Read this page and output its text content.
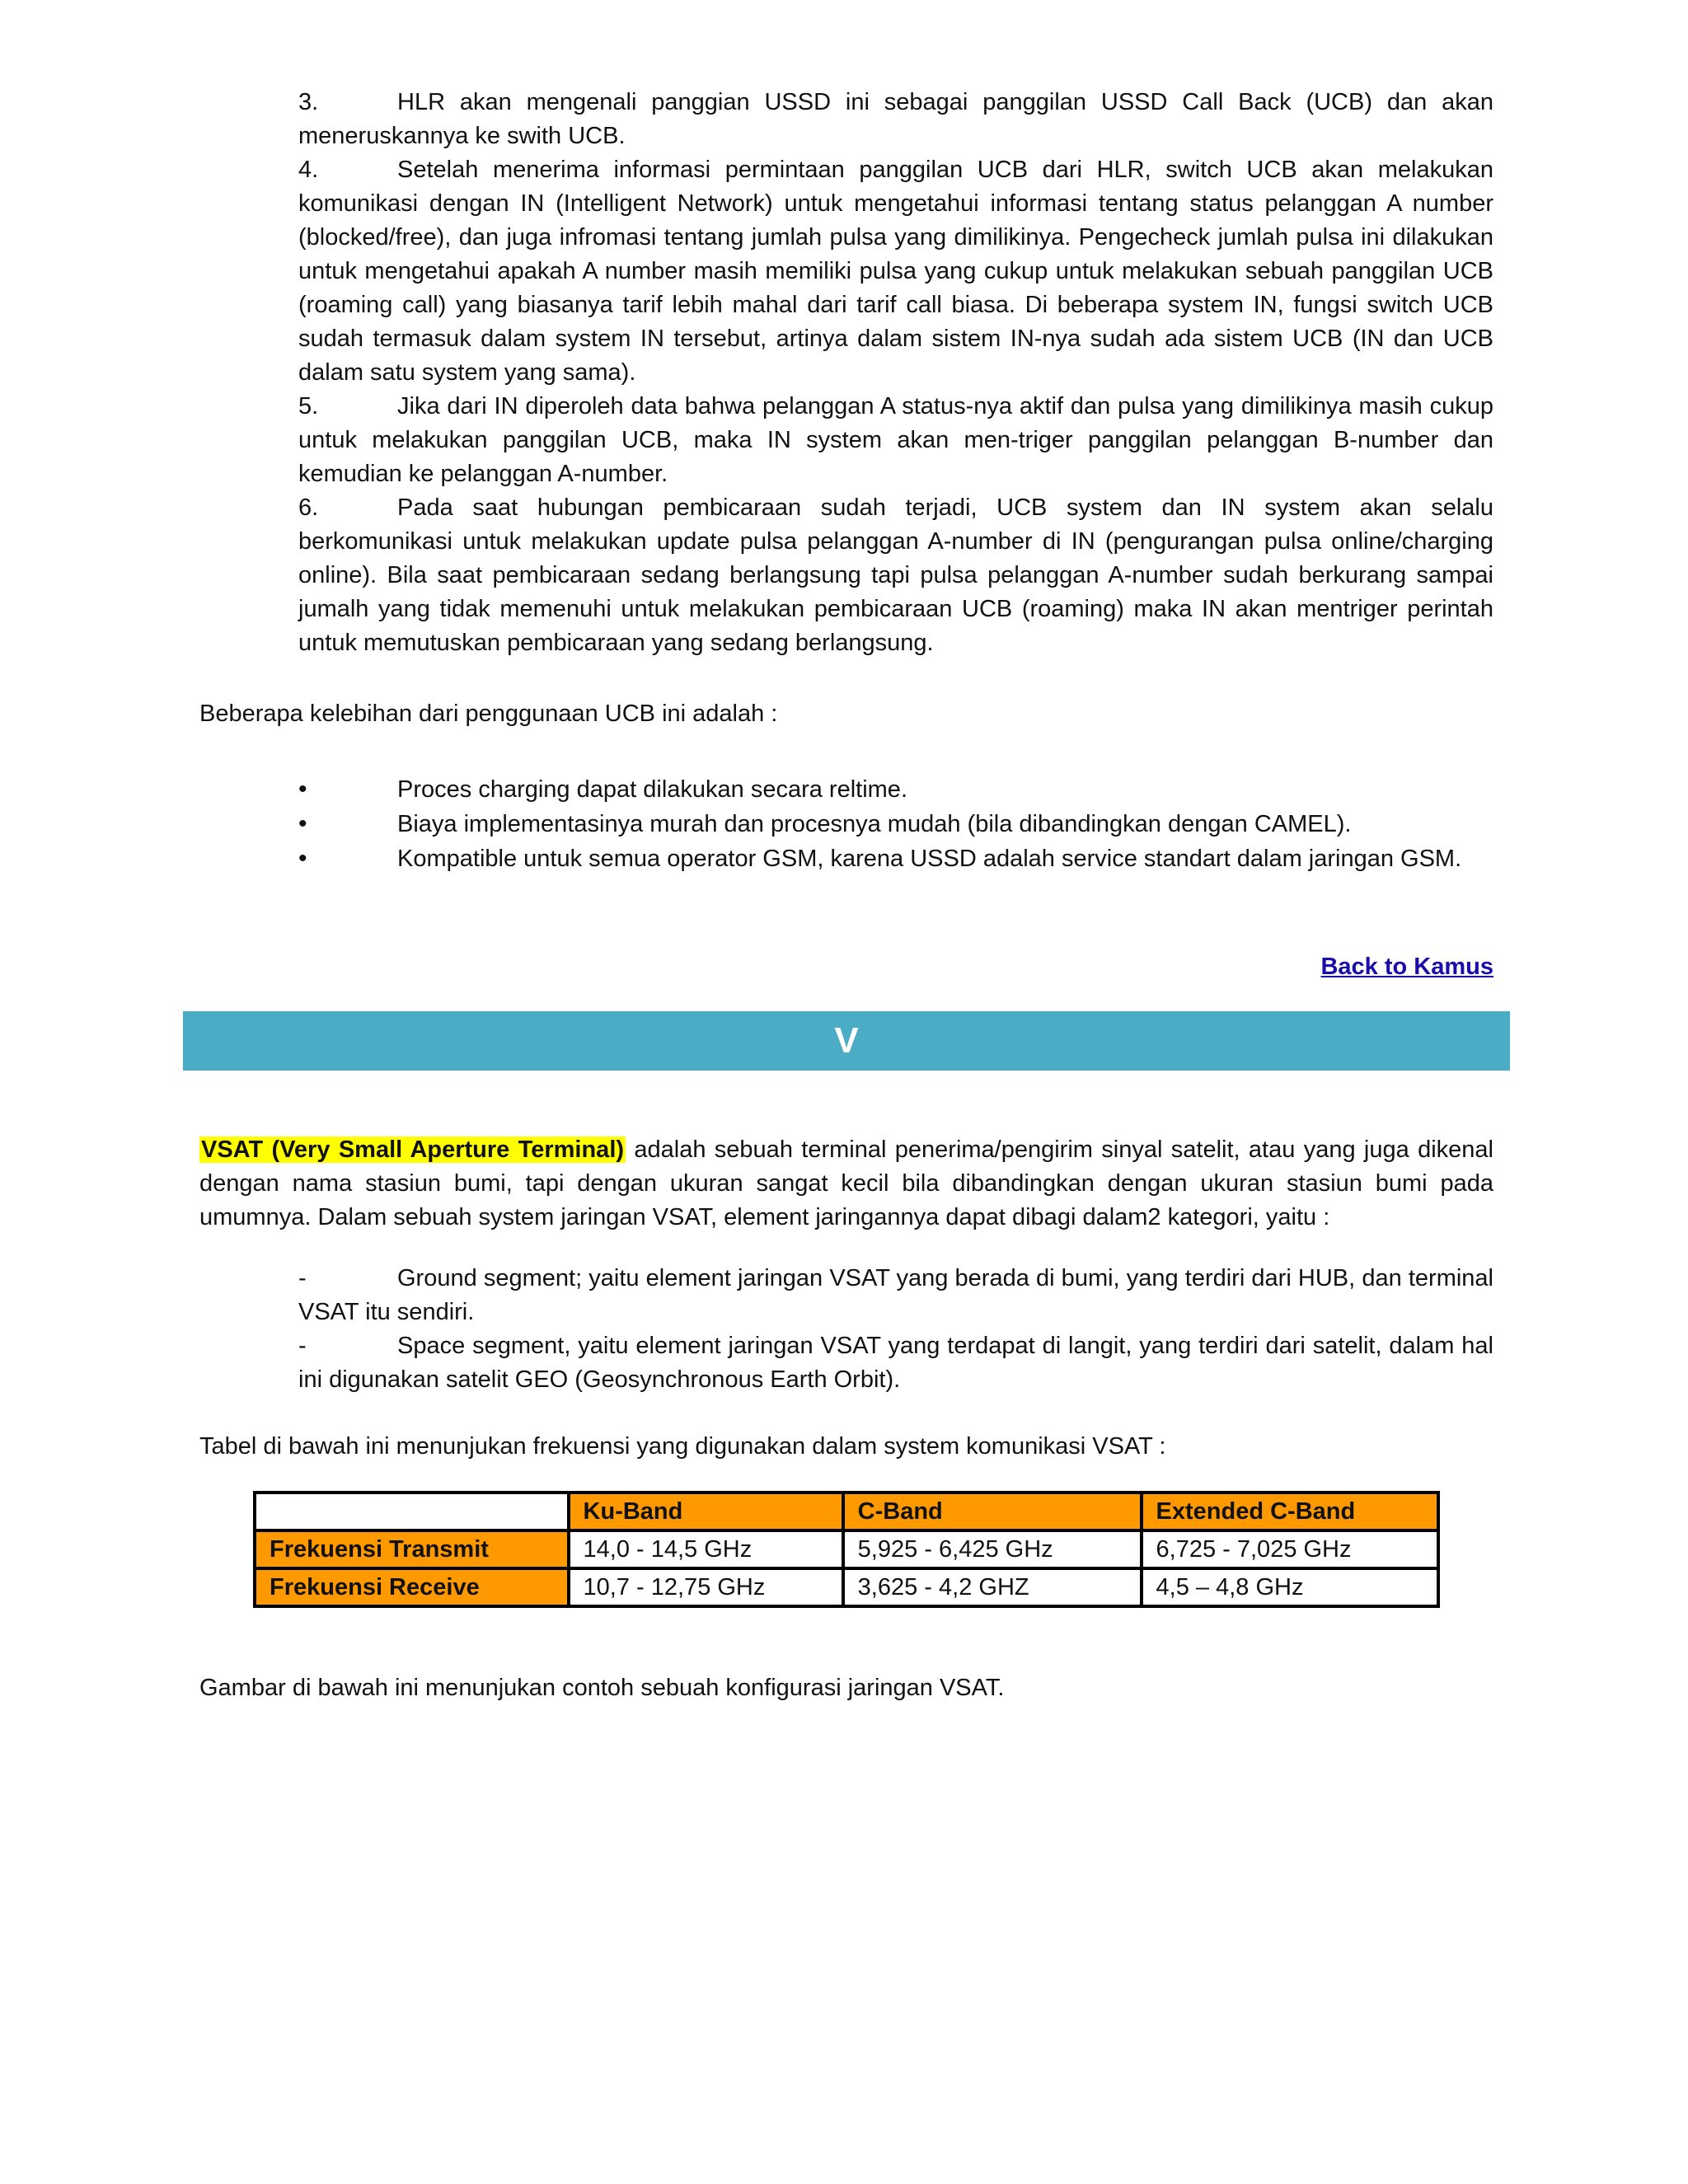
3.	HLR akan mengenali panggian USSD ini sebagai panggilan USSD Call Back (UCB) dan akan meneruskannya ke swith UCB.

4.	Setelah menerima informasi permintaan panggilan UCB dari HLR, switch UCB akan melakukan komunikasi dengan IN (Intelligent Network) untuk mengetahui informasi tentang status pelanggan A number (blocked/free), dan juga infromasi tentang jumlah pulsa yang dimilikinya. Pengecheck jumlah pulsa ini dilakukan untuk mengetahui apakah A number masih memiliki pulsa yang cukup untuk melakukan sebuah panggilan UCB (roaming call) yang biasanya tarif lebih mahal dari tarif call biasa. Di beberapa system IN, fungsi switch UCB sudah termasuk dalam system IN tersebut, artinya dalam sistem IN-nya sudah ada sistem UCB (IN dan UCB dalam satu system yang sama).

5.	Jika dari IN diperoleh data bahwa pelanggan A status-nya aktif dan pulsa yang dimilikinya masih cukup untuk melakukan panggilan UCB, maka IN system akan men-triger panggilan pelanggan B-number dan kemudian ke pelanggan A-number.

6.	Pada saat hubungan pembicaraan sudah terjadi, UCB system dan IN system akan selalu berkomunikasi untuk melakukan update pulsa pelanggan A-number di IN (pengurangan pulsa online/charging online). Bila saat pembicaraan sedang berlangsung tapi pulsa pelanggan A-number sudah berkurang sampai jumalh yang tidak memenuhi untuk melakukan pembicaraan UCB (roaming) maka IN akan mentriger perintah untuk memutuskan pembicaraan yang sedang berlangsung.

Beberapa kelebihan dari penggunaan UCB ini adalah :

•	Proces charging dapat dilakukan secara reltime.

•	Biaya implementasinya murah dan procesnya mudah (bila dibandingkan dengan CAMEL).

•	Kompatible untuk semua operator GSM, karena USSD adalah service standart dalam jaringan GSM.

Back to Kamus
V

VSAT (Very Small Aperture Terminal) adalah sebuah terminal penerima/pengirim sinyal satelit, atau yang juga dikenal dengan nama stasiun bumi, tapi dengan ukuran sangat kecil bila dibandingkan dengan ukuran stasiun bumi pada umumnya. Dalam sebuah system jaringan VSAT, element jaringannya dapat dibagi dalam2 kategori, yaitu :

-	Ground segment; yaitu element jaringan VSAT yang berada di bumi, yang terdiri dari HUB, dan terminal VSAT itu sendiri.

-	Space segment, yaitu element jaringan VSAT yang terdapat di langit, yang terdiri dari satelit, dalam hal ini digunakan satelit GEO (Geosynchronous Earth Orbit).

Tabel di bawah ini menunjukan frekuensi yang digunakan dalam system komunikasi VSAT :

	Ku-Band	C-Band	Extended C-Band
Frekuensi Transmit	14,0 - 14,5 GHz	5,925 - 6,425 GHz	6,725 - 7,025 GHz
Frekuensi Receive	10,7 - 12,75 GHz	3,625 - 4,2 GHZ	4,5 – 4,8 GHz

Gambar di bawah ini menunjukan contoh sebuah konfigurasi jaringan VSAT.
